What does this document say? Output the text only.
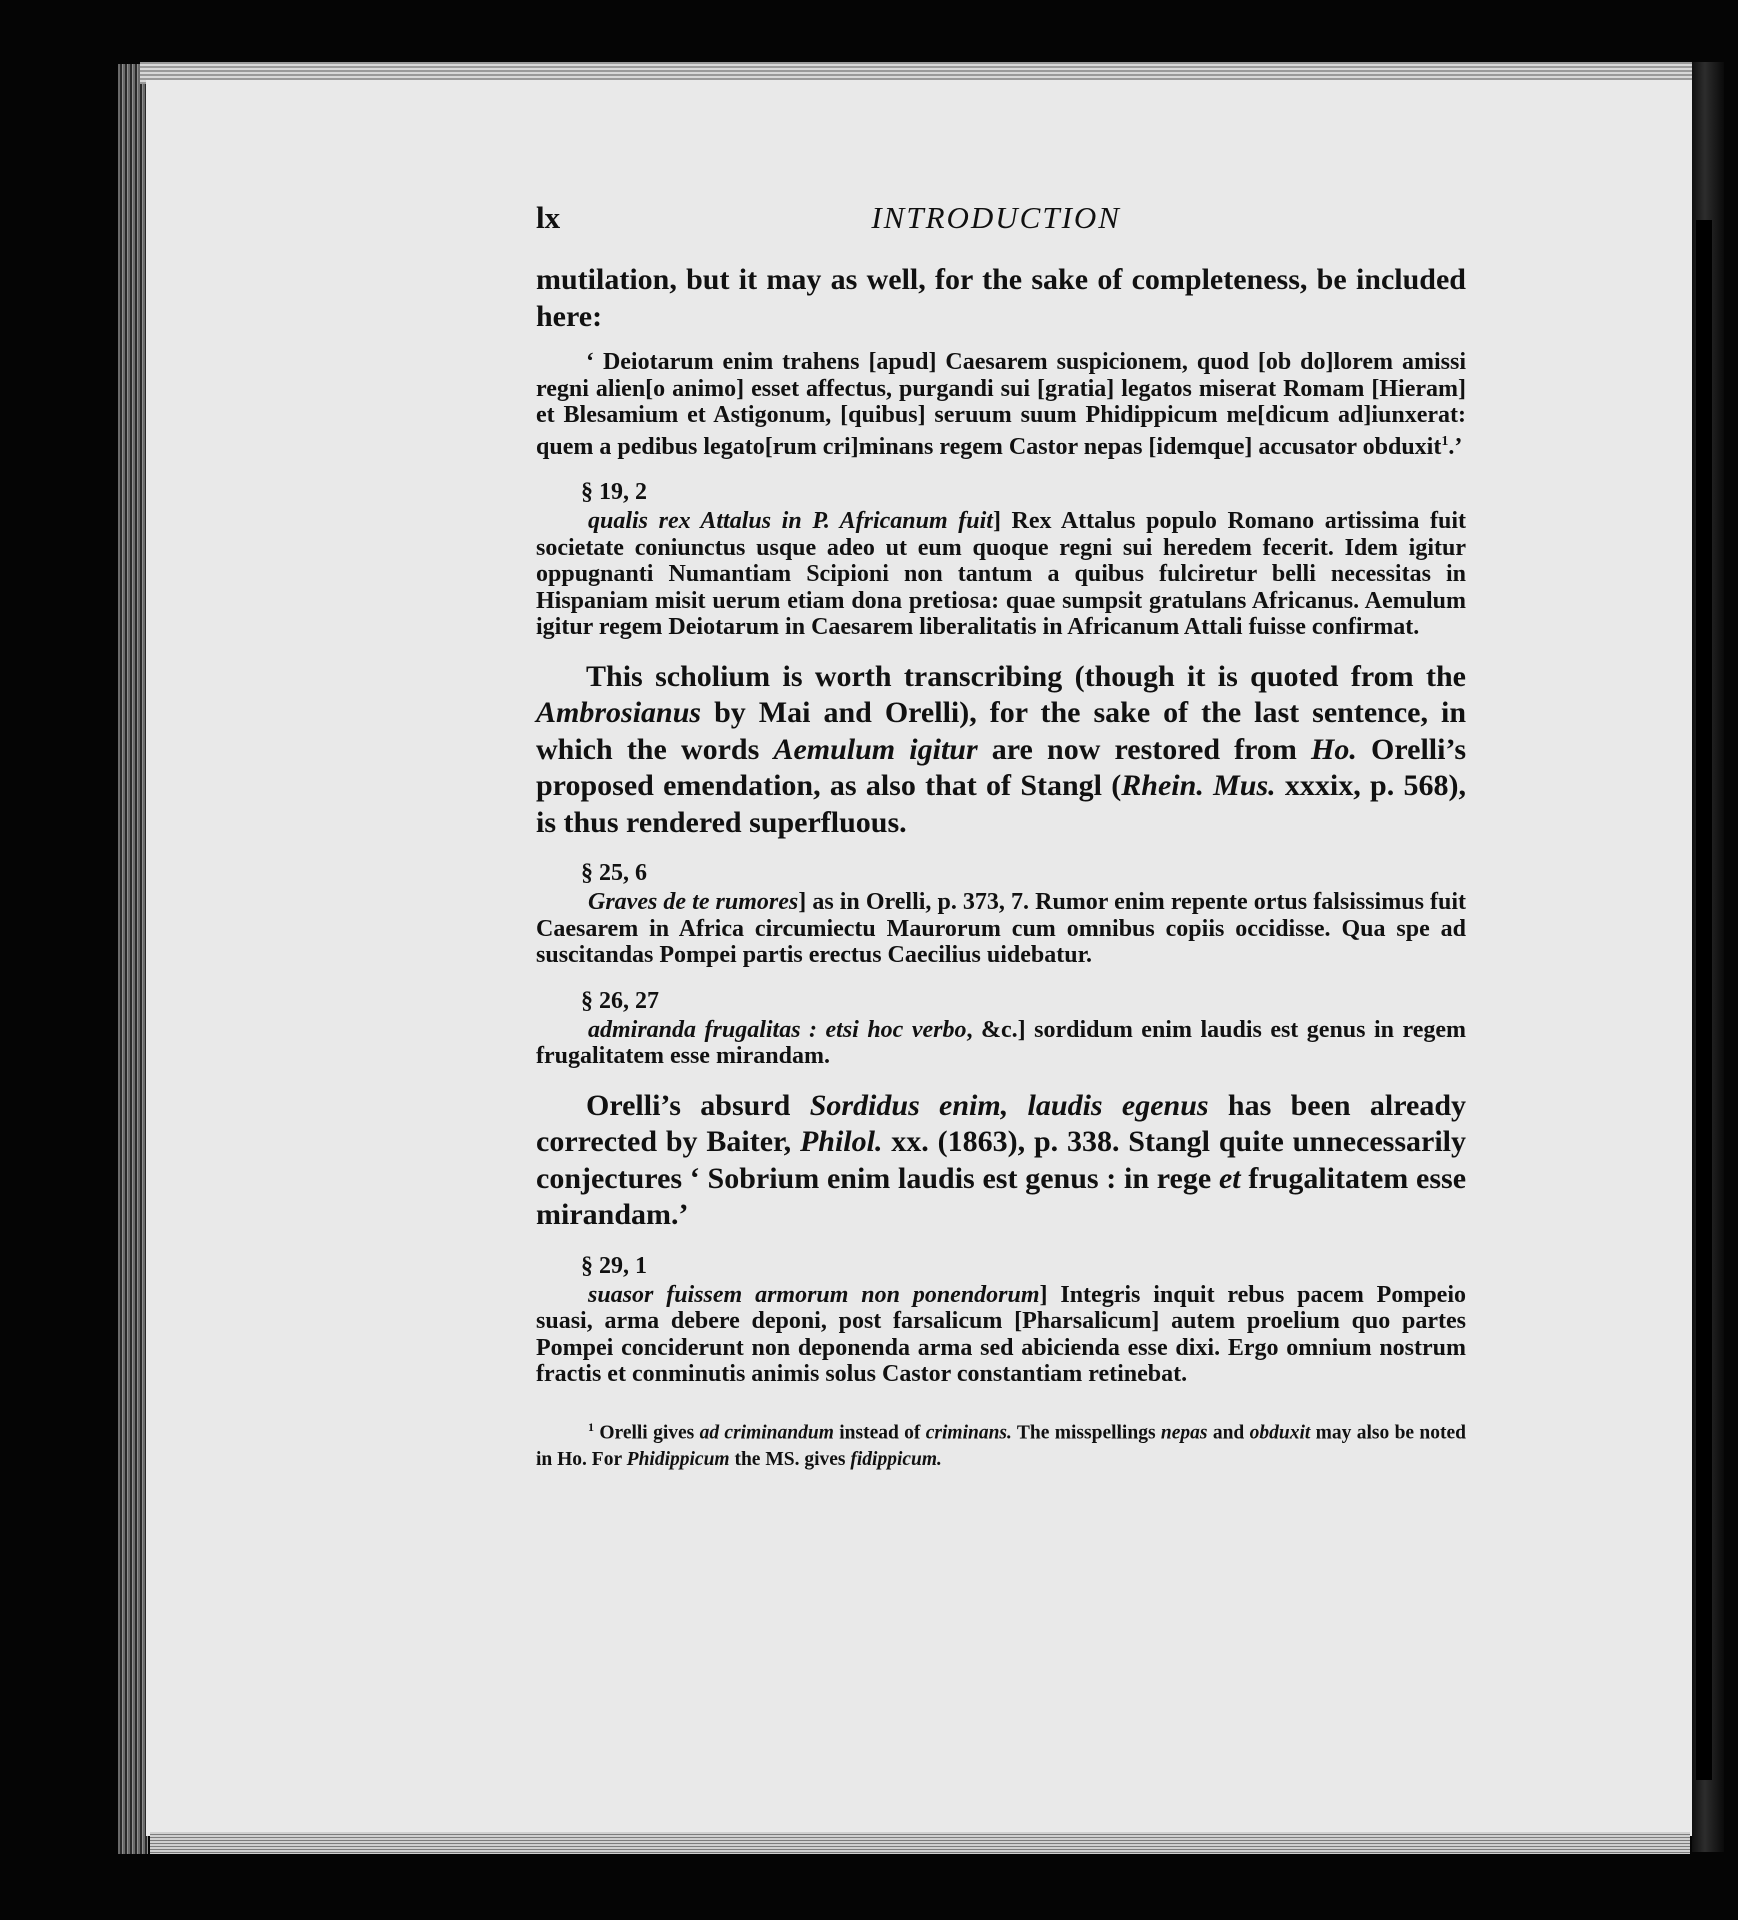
lx	INTRODUCTION

mutilation, but it may as well, for the sake of completeness, be included here:

‘ Deiotarum enim trahens [apud] Caesarem suspicionem, quod [ob do]lorem amissi regni alien[o animo] esset affectus, purgandi sui [gratia] legatos miserat Romam [Hieram] et Blesamium et Astigonum, [quibus] seruum suum Phidippicum me[dicum ad]iunxerat: quem a pedibus legato[rum cri]minans regem Castor nepas [idemque] accusator obduxit$^1$.’

§ 19, 2

qualis rex Attalus in P. Africanum fuit] Rex Attalus populo Romano artissima fuit societate coniunctus usque adeo ut eum quoque regni sui heredem fecerit. Idem igitur oppugnanti Numantiam Scipioni non tantum a quibus fulciretur belli necessitas in Hispaniam misit uerum etiam dona pretiosa: quae sumpsit gratulans Africanus. Aemulum igitur regem Deiotarum in Caesarem liberalitatis in Africanum Attali fuisse confirmat.

This scholium is worth transcribing (though it is quoted from the Ambrosianus by Mai and Orelli), for the sake of the last sentence, in which the words Aemulum igitur are now restored from Ho. Orelli’s proposed emendation, as also that of Stangl (Rhein. Mus. xxxix, p. 568), is thus rendered superfluous.

§ 25, 6

Graves de te rumores] as in Orelli, p. 373, 7. Rumor enim repente ortus falsissimus fuit Caesarem in Africa circumiectu Maurorum cum omnibus copiis occidisse. Qua spe ad suscitandas Pompei partis erectus Caecilius uidebatur.

§ 26, 27

admiranda frugalitas : etsi hoc verbo, &c.] sordidum enim laudis est genus in regem frugalitatem esse mirandam.

Orelli’s absurd Sordidus enim, laudis egenus has been already corrected by Baiter, Philol. xx. (1863), p. 338. Stangl quite unnecessarily conjectures ‘ Sobrium enim laudis est genus : in rege et frugalitatem esse mirandam.’

§ 29, 1

suasor fuissem armorum non ponendorum] Integris inquit rebus pacem Pompeio suasi, arma debere deponi, post farsalicum [Pharsalicum] autem proelium quo partes Pompei conciderunt non deponenda arma sed abicienda esse dixi. Ergo omnium nostrum fractis et conminutis animis solus Castor constantiam retinebat.

$^1$ Orelli gives ad criminandum instead of criminans. The misspellings nepas and obduxit may also be noted in Ho. For Phidippicum the MS. gives fidippicum.
